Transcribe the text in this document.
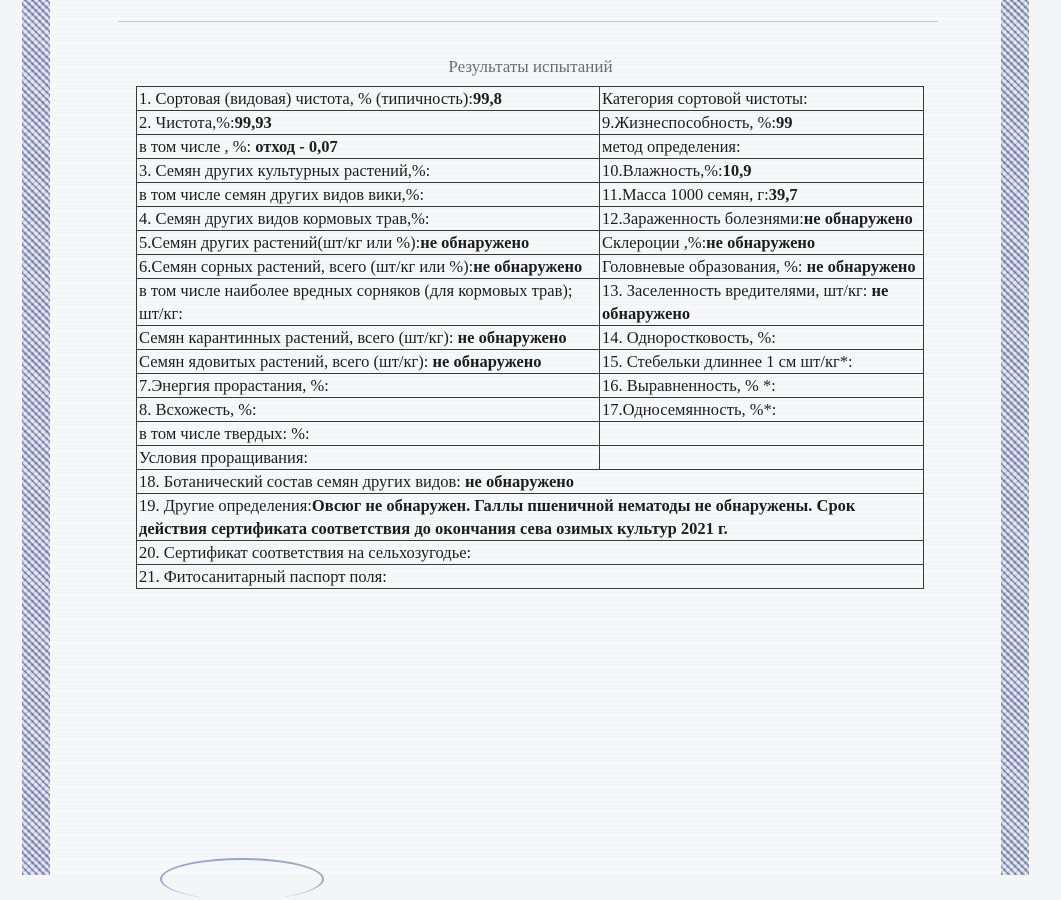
Результаты испытаний
1. Сортовая (видовая) чистота, % (типичность):99,8	Категория сортовой чистоты:
2. Чистота,%:99,93	9.Жизнеспособность, %:99
в том числе , %: отход - 0,07	метод определения:
3. Семян других культурных растений,%:	10.Влажность,%:10,9
в том числе семян других видов вики,%:	11.Масса 1000 семян, г:39,7
4. Семян других видов кормовых трав,%:	12.Зараженность болезнями:не обнаружено
5.Семян других растений(шт/кг или %):не обнаружено	Склероции ,%:не обнаружено
6.Семян сорных растений, всего (шт/кг или %):не обнаружено	Головневые образования, %: не обнаружено
в том числе наиболее вредных сорняков (для кормовых трав); шт/кг:	13. Заселенность вредителями, шт/кг: не обнаружено
Семян карантинных растений, всего (шт/кг): не обнаружено	14. Одноростковость, %:
Семян ядовитых растений, всего (шт/кг): не обнаружено	15. Стебельки длиннее 1 см шт/кг*:
7.Энергия прорастания, %:	16. Выравненность, % *:
8. Всхожесть, %:	17.Односемянность, %*:
в том числе твердых: %:	
Условия проращивания:	
18. Ботанический состав семян других видов: не обнаружено	
19. Другие определения:Овсюг не обнаружен. Галлы пшеничной нематоды не обнаружены. Срок действия сертификата соответствия до окончания сева озимых культур 2021 г.	
20. Сертификат соответствия на сельхозугодье:	
21. Фитосанитарный паспорт поля:	
